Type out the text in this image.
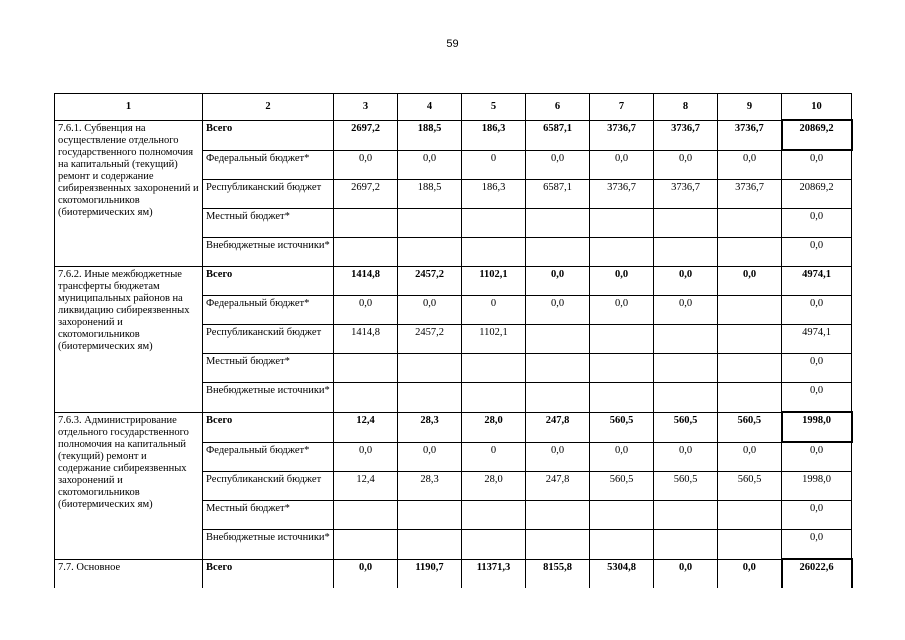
59
1	2	3	4	5	6	7	8	9	10
7.6.1. Субвенция на осуществление отдельного государственного полномочия на капитальный (текущий) ремонт и содержание сибиреязвенных захоронений и скотомогильников (биотермических ям)	Всего	2697,2	188,5	186,3	6587,1	3736,7	3736,7	3736,7	20869,2
	Федеральный бюджет*	0,0	0,0	0	0,0	0,0	0,0	0,0	0,0
	Республиканский бюджет	2697,2	188,5	186,3	6587,1	3736,7	3736,7	3736,7	20869,2
	Местный бюджет*								0,0
	Внебюджетные источники*								0,0
7.6.2. Иные межбюджетные трансферты бюджетам муниципальных районов на ликвидацию сибиреязвенных захоронений и скотомогильников (биотермических ям)	Всего	1414,8	2457,2	1102,1	0,0	0,0	0,0	0,0	4974,1
	Федеральный бюджет*	0,0	0,0	0	0,0	0,0	0,0		0,0
	Республиканский бюджет	1414,8	2457,2	1102,1					4974,1
	Местный бюджет*								0,0
	Внебюджетные источники*								0,0
7.6.3. Администрирование отдельного государственного полномочия на капитальный (текущий) ремонт и содержание сибиреязвенных захоронений и скотомогильников (биотермических ям)	Всего	12,4	28,3	28,0	247,8	560,5	560,5	560,5	1998,0
	Федеральный бюджет*	0,0	0,0	0	0,0	0,0	0,0	0,0	0,0
	Республиканский бюджет	12,4	28,3	28,0	247,8	560,5	560,5	560,5	1998,0
	Местный бюджет*								0,0
	Внебюджетные источники*								0,0
7.7. Основное	Всего	0,0	1190,7	11371,3	8155,8	5304,8	0,0	0,0	26022,6
